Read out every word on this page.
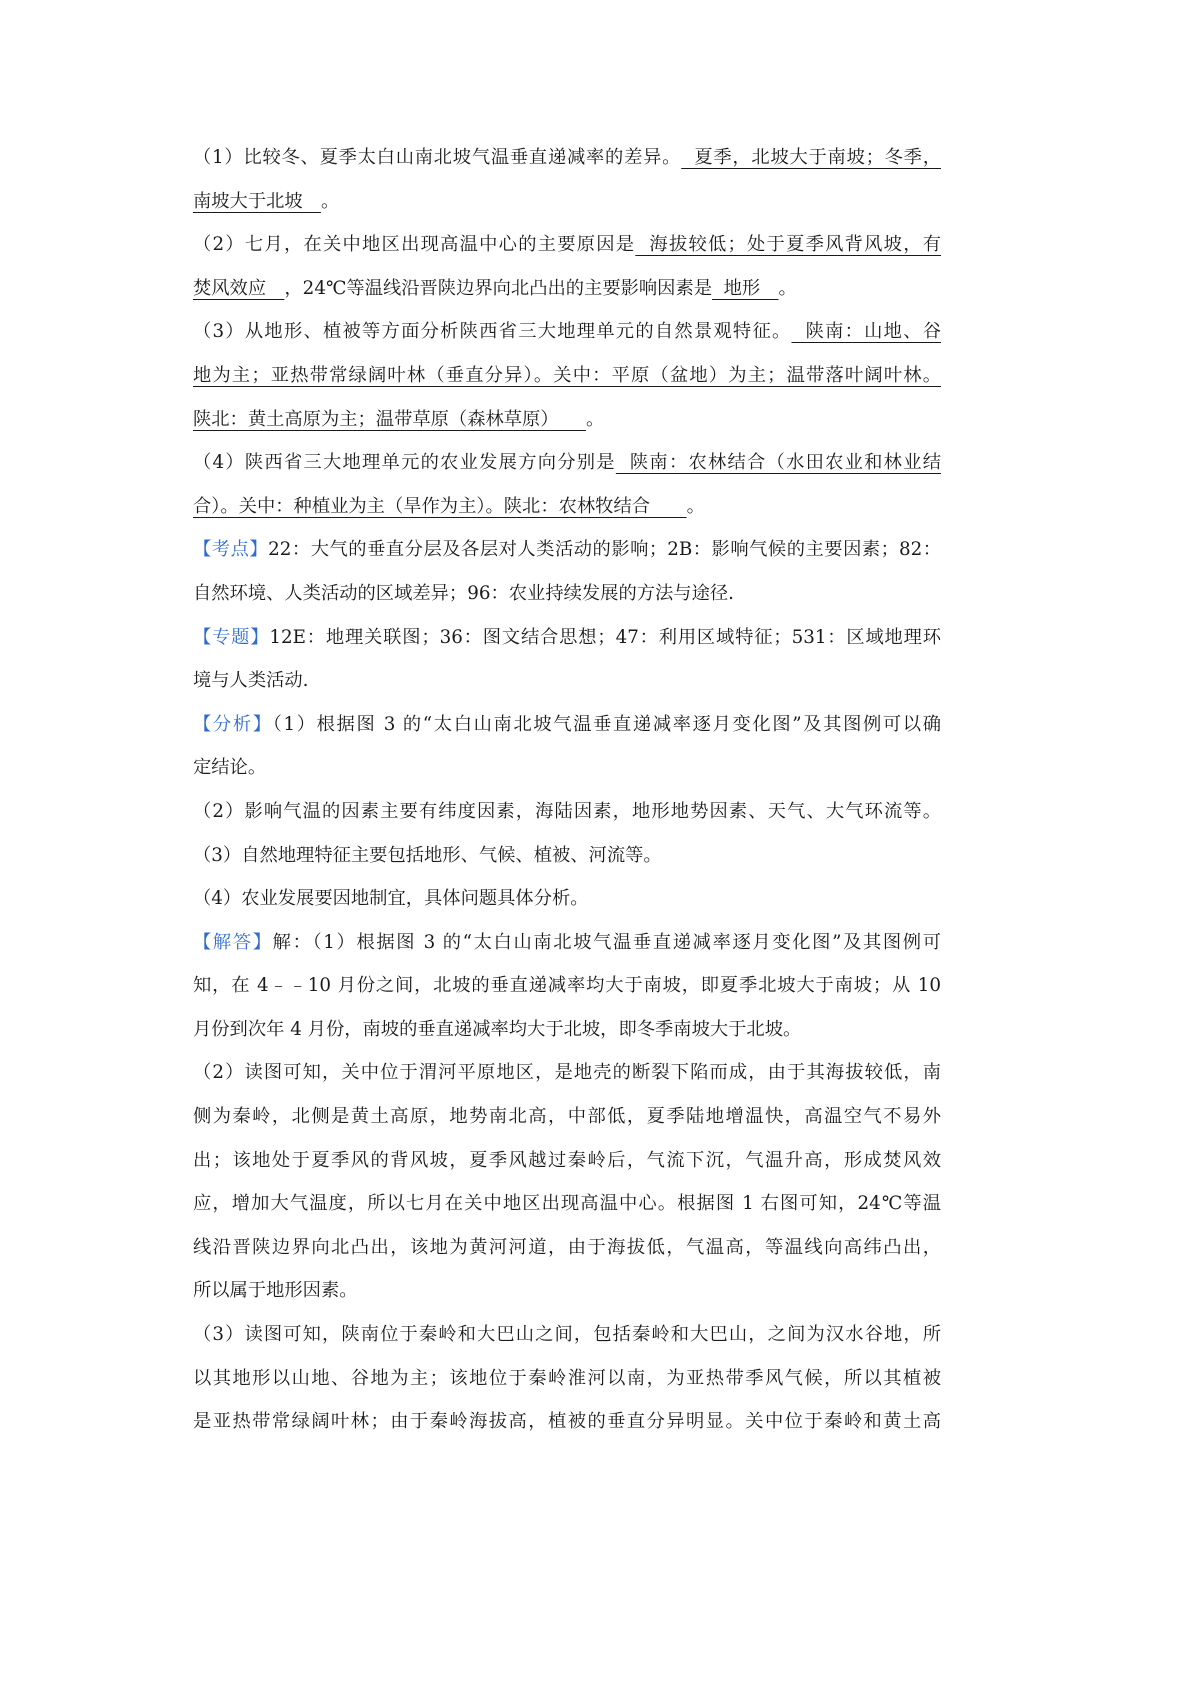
（1）比较冬、夏季太白山南北坡气温垂直递减率的差异。  夏季，北坡大于南坡；冬季，
南坡大于北坡　。
（2）七月，在关中地区出现高温中心的主要原因是  海拔较低；处于夏季风背风坡，有
焚风效应　，24℃等温线沿晋陕边界向北凸出的主要影响因素是  地形　。
（3）从地形、植被等方面分析陕西省三大地理单元的自然景观特征。  陕南：山地、谷
地为主；亚热带常绿阔叶林（垂直分异）。关中：平原（盆地）为主；温带落叶阔叶林。
陕北：黄土高原为主；温带草原（森林草原）　　。
（4）陕西省三大地理单元的农业发展方向分别是  陕南：农林结合（水田农业和林业结
合）。关中：种植业为主（旱作为主）。陕北：农林牧结合　　。
【考点】22：大气的垂直分层及各层对人类活动的影响；2B：影响气候的主要因素；82：
自然环境、人类活动的区域差异；96：农业持续发展的方法与途径.
【专题】12E：地理关联图；36：图文结合思想；47：利用区域特征；531：区域地理环
境与人类活动.
【分析】（1）根据图 3 的“太白山南北坡气温垂直递减率逐月变化图”及其图例可以确
定结论。
（2）影响气温的因素主要有纬度因素，海陆因素，地形地势因素、天气、大气环流等。
（3）自然地理特征主要包括地形、气候、植被、河流等。
（4）农业发展要因地制宜，具体问题具体分析。
【解答】解：（1）根据图 3 的“太白山南北坡气温垂直递减率逐月变化图”及其图例可
知，在 4﹣﹣10 月份之间，北坡的垂直递减率均大于南坡，即夏季北坡大于南坡；从 10
月份到次年 4 月份，南坡的垂直递减率均大于北坡，即冬季南坡大于北坡。
（2）读图可知，关中位于渭河平原地区，是地壳的断裂下陷而成，由于其海拔较低，南
侧为秦岭，北侧是黄土高原，地势南北高，中部低，夏季陆地增温快，高温空气不易外
出；该地处于夏季风的背风坡，夏季风越过秦岭后，气流下沉，气温升高，形成焚风效
应，增加大气温度，所以七月在关中地区出现高温中心。根据图 1 右图可知，24℃等温
线沿晋陕边界向北凸出，该地为黄河河道，由于海拔低，气温高，等温线向高纬凸出，
所以属于地形因素。
（3）读图可知，陕南位于秦岭和大巴山之间，包括秦岭和大巴山，之间为汉水谷地，所
以其地形以山地、谷地为主；该地位于秦岭淮河以南，为亚热带季风气候，所以其植被
是亚热带常绿阔叶林；由于秦岭海拔高，植被的垂直分异明显。关中位于秦岭和黄土高
